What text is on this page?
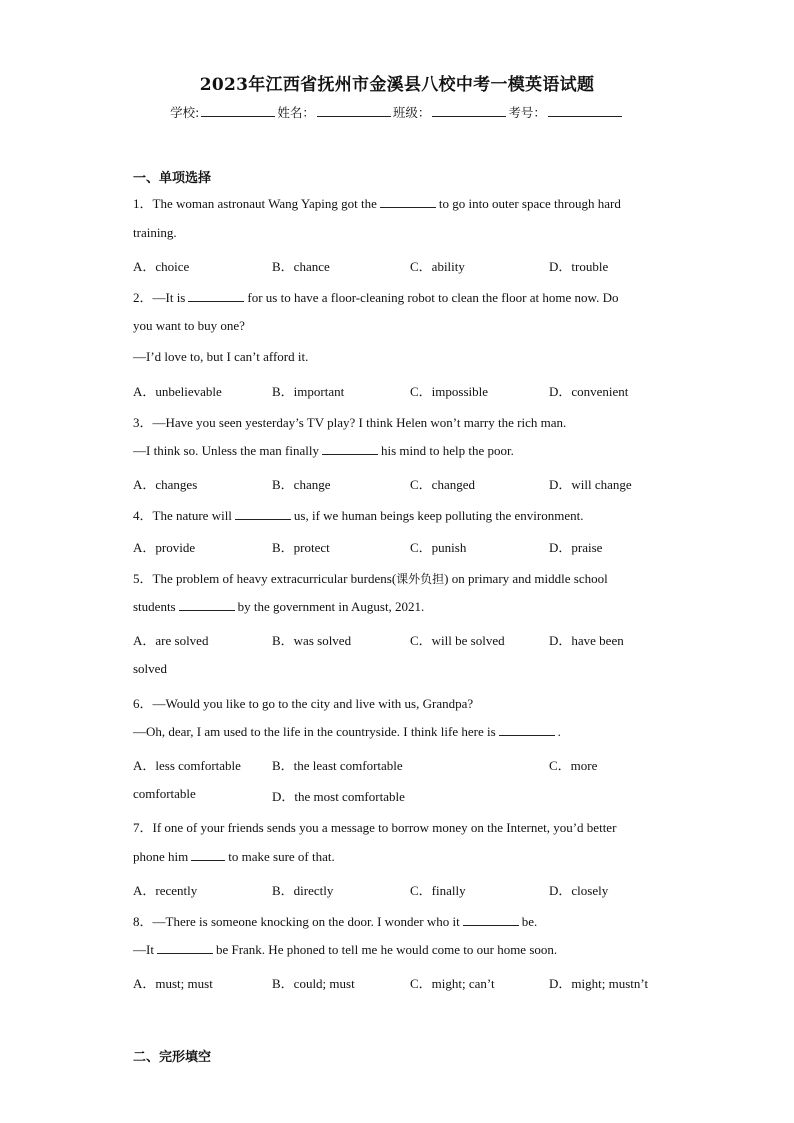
2023年江西省抚州市金溪县八校中考一模英语试题
学校:	姓名：	班级：	考号：
一、单项选择
1．The woman astronaut Wang Yaping got the	to go into outer space through hard
training.
A．choice	B．chance	C．ability	D．trouble
2．—It is	for us to have a floor-cleaning robot to clean the floor at home now. Do
you want to buy one?
—I’d love to, but I can’t afford it.
A．unbelievable	B．important	C．impossible	D．convenient
3．—Have you seen yesterday’s TV play? I think Helen won’t marry the rich man.
—I think so. Unless the man finally	his mind to help the poor.
A．changes	B．change	C．changed	D．will change
4．The nature will	us, if we human beings keep polluting the environment.
A．provide	B．protect	C．punish	D．praise
5．The problem of heavy extracurricular burdens(课外负担) on primary and middle school
students	by the government in August, 2021.
A．are solved	B．was solved	C．will be solved	D．have been
solved
6．—Would you like to go to the city and live with us, Grandpa?
—Oh, dear, I am used to the life in the countryside. I think life here is	.
A．less comfortable B．the least comfortable	C．more
comfortable	D．the most comfortable
7．If one of your friends sends you a message to borrow money on the Internet, you’d better
phone him	to make sure of that.
A．recently	B．directly	C．finally	D．closely
8．—There is someone knocking on the door. I wonder who it	be.
—It	be Frank. He phoned to tell me he would come to our home soon.
A．must; must	B．could; must	C．might; can’t	D．might; mustn’t
二、完形填空
